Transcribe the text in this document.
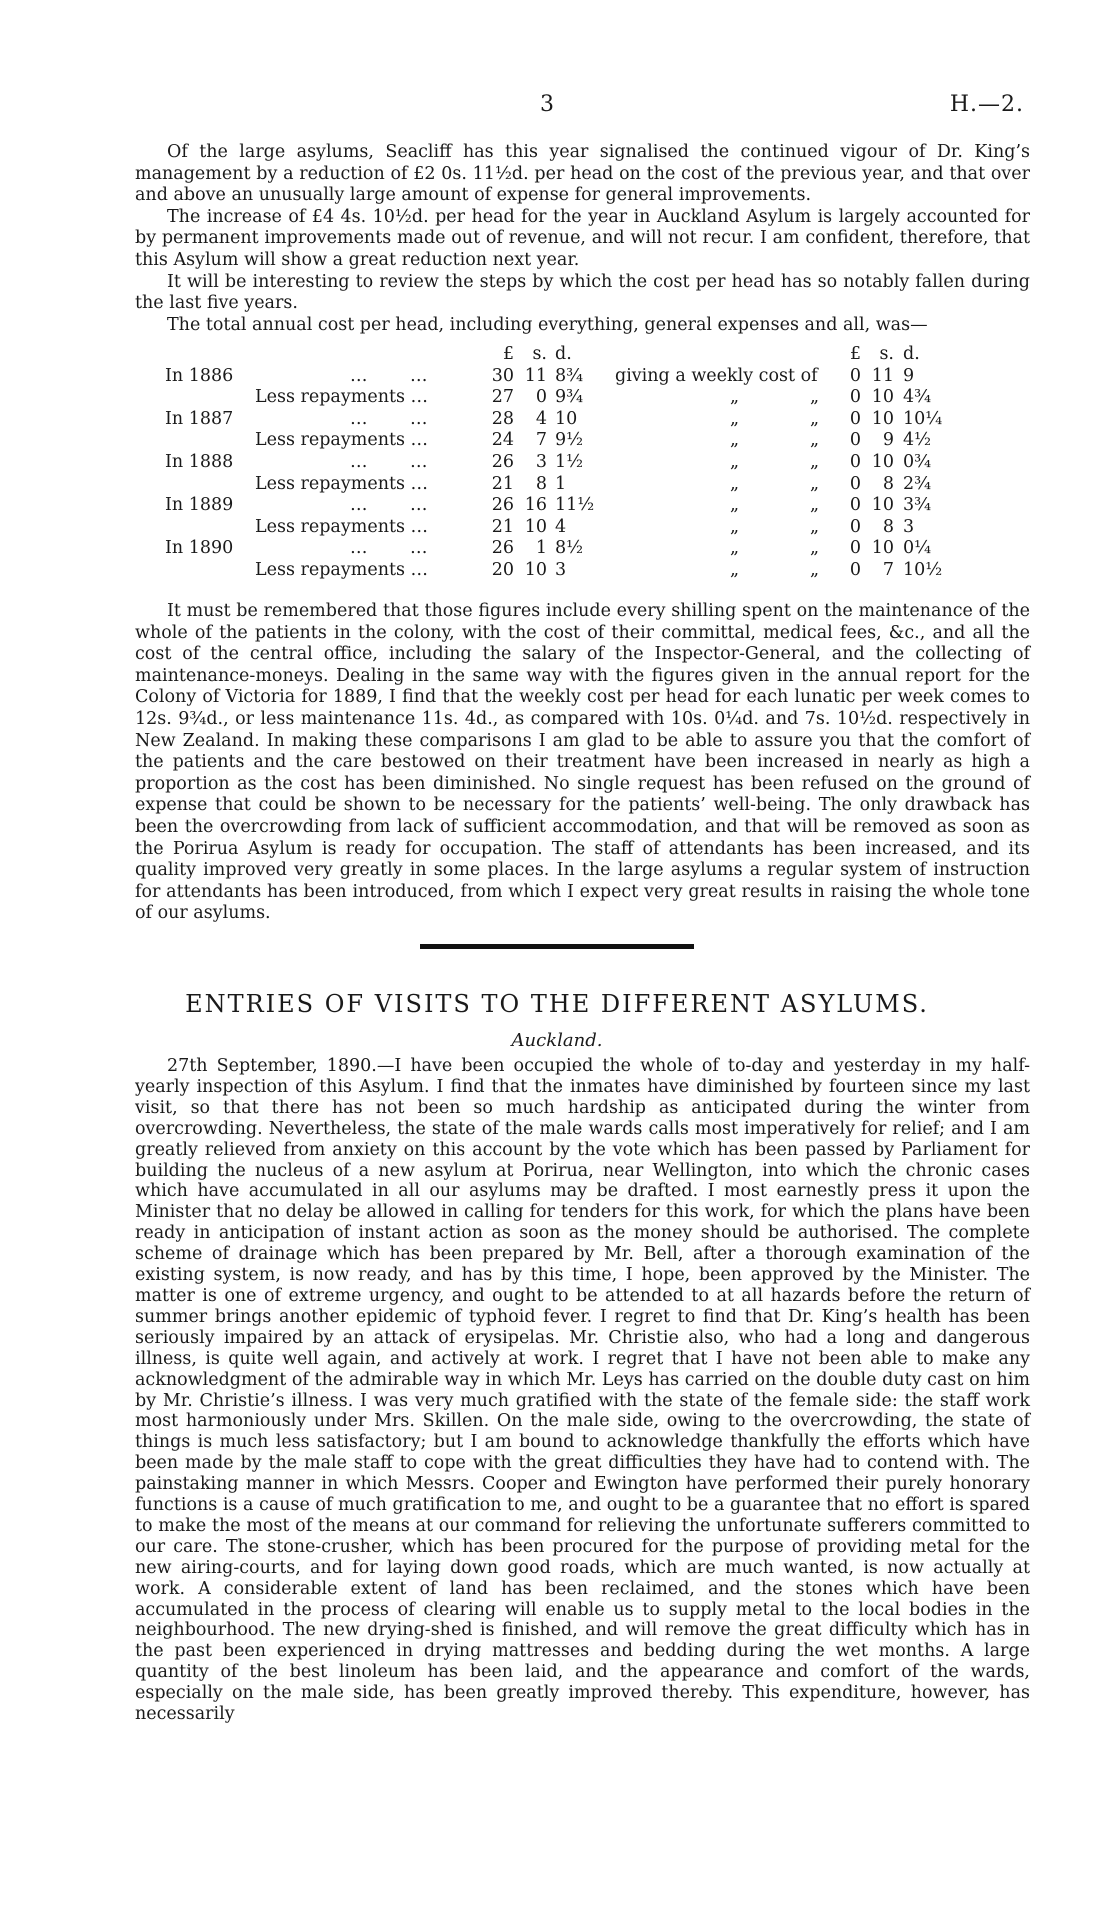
3	H.—2.

Of the large asylums, Seacliff has this year signalised the continued vigour of Dr. King’s management by a reduction of £2 0s. 11½d. per head on the cost of the previous year, and that over and above an unusually large amount of expense for general improvements.

The increase of £4 4s. 10½d. per head for the year in Auckland Asylum is largely accounted for by permanent improvements made out of revenue, and will not recur. I am confident, therefore, that this Asylum will show a great reduction next year.

It will be interesting to review the steps by which the cost per head has so notably fallen during the last five years.

The total annual cost per head, including everything, general expenses and all, was—

£	s. d.	£	s. d.
In 1886	… …	30 11 8¾ giving a weekly cost of 0 11 9
Less repayments …	27	0 9¾	„	„ 0 10 4¾
In 1887	… …	28	4 10	„	„ 0 10 10¼
Less repayments …	24	7 9½	„	„ 0	9 4½
In 1888	… …	26	3 1½	„	„ 0 10 0¾
Less repayments …	21	8 1	„	„ 0	8 2¾
In 1889	… …	26 16 11½	„	„ 0 10 3¾
Less repayments …	21 10 4	„	„ 0	8 3
In 1890	… …	26	1 8½	„	„ 0 10 0¼
Less repayments …	20 10 3	„	„ 0	7 10½

It must be remembered that those figures include every shilling spent on the maintenance of the whole of the patients in the colony, with the cost of their committal, medical fees, &c., and all the cost of the central office, including the salary of the Inspector-General, and the collecting of maintenance-moneys. Dealing in the same way with the figures given in the annual report for the Colony of Victoria for 1889, I find that the weekly cost per head for each lunatic per week comes to 12s. 9¾d., or less maintenance 11s. 4d., as compared with 10s. 0¼d. and 7s. 10½d. respectively in New Zealand. In making these comparisons I am glad to be able to assure you that the comfort of the patients and the care bestowed on their treatment have been increased in nearly as high a proportion as the cost has been diminished. No single request has been refused on the ground of expense that could be shown to be necessary for the patients’ well-being. The only drawback has been the overcrowding from lack of sufficient accommodation, and that will be removed as soon as the Porirua Asylum is ready for occupation. The staff of attendants has been increased, and its quality improved very greatly in some places. In the large asylums a regular system of instruction for attendants has been introduced, from which I expect very great results in raising the whole tone of our asylums.

ENTRIES OF VISITS TO THE DIFFERENT ASYLUMS.
Auckland.

27th September, 1890.—I have been occupied the whole of to-day and yesterday in my half-yearly inspection of this Asylum. I find that the inmates have diminished by fourteen since my last visit, so that there has not been so much hardship as anticipated during the winter from overcrowding. Nevertheless, the state of the male wards calls most imperatively for relief; and I am greatly relieved from anxiety on this account by the vote which has been passed by Parliament for building the nucleus of a new asylum at Porirua, near Wellington, into which the chronic cases which have accumulated in all our asylums may be drafted. I most earnestly press it upon the Minister that no delay be allowed in calling for tenders for this work, for which the plans have been ready in anticipation of instant action as soon as the money should be authorised. The complete scheme of drainage which has been prepared by Mr. Bell, after a thorough examination of the existing system, is now ready, and has by this time, I hope, been approved by the Minister. The matter is one of extreme urgency, and ought to be attended to at all hazards before the return of summer brings another epidemic of typhoid fever. I regret to find that Dr. King’s health has been seriously impaired by an attack of erysipelas. Mr. Christie also, who had a long and dangerous illness, is quite well again, and actively at work. I regret that I have not been able to make any acknowledgment of the admirable way in which Mr. Leys has carried on the double duty cast on him by Mr. Christie’s illness. I was very much gratified with the state of the female side: the staff work most harmoniously under Mrs. Skillen. On the male side, owing to the overcrowding, the state of things is much less satisfactory; but I am bound to acknowledge thankfully the efforts which have been made by the male staff to cope with the great difficulties they have had to contend with. The painstaking manner in which Messrs. Cooper and Ewington have performed their purely honorary functions is a cause of much gratification to me, and ought to be a guarantee that no effort is spared to make the most of the means at our command for relieving the unfortunate sufferers committed to our care. The stone-crusher, which has been procured for the purpose of providing metal for the new airing-courts, and for laying down good roads, which are much wanted, is now actually at work. A considerable extent of land has been reclaimed, and the stones which have been accumulated in the process of clearing will enable us to supply metal to the local bodies in the neighbourhood. The new drying-shed is finished, and will remove the great difficulty which has in the past been experienced in drying mattresses and bedding during the wet months. A large quantity of the best linoleum has been laid, and the appearance and comfort of the wards, especially on the male side, has been greatly improved thereby. This expenditure, however, has necessarily
